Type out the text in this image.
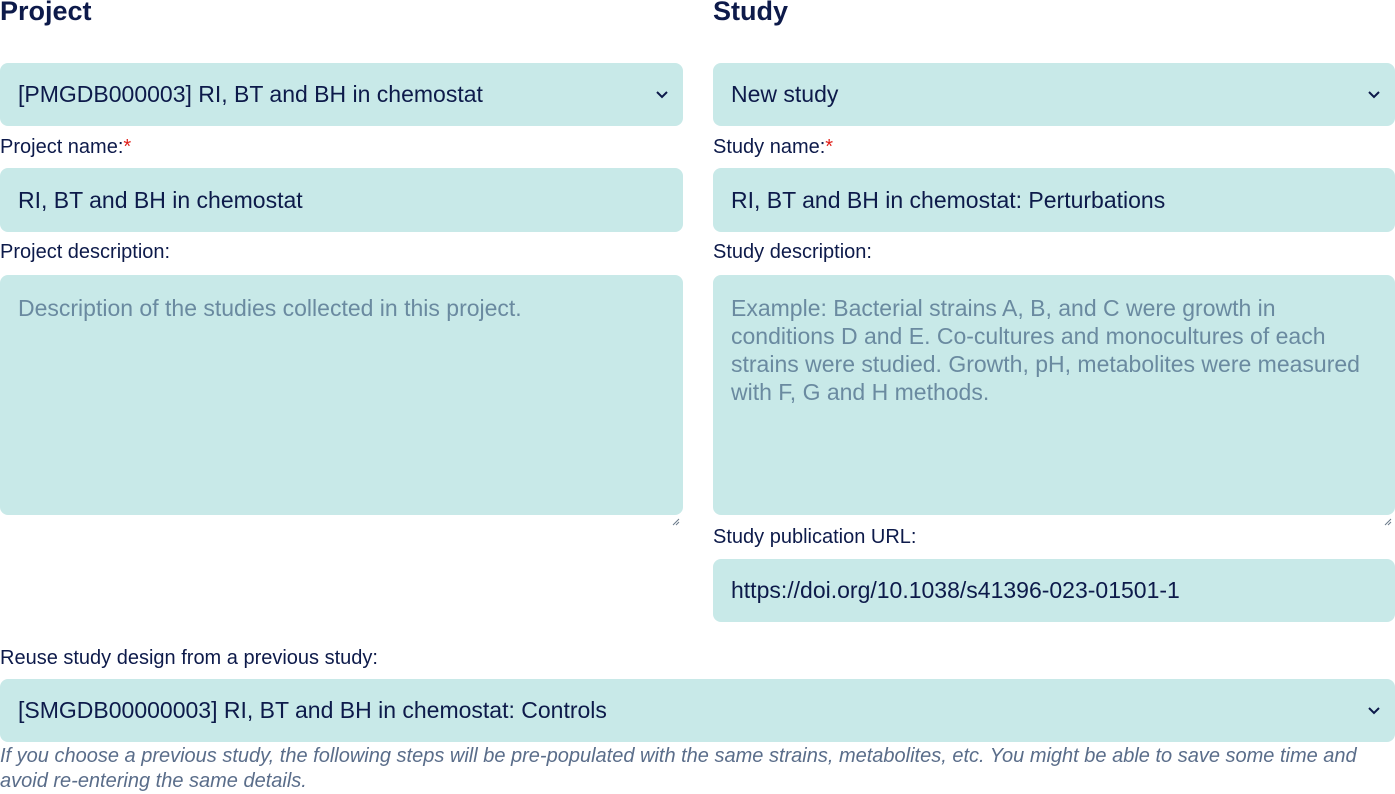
Project
[PMGDB000003] RI, BT and BH in chemostat
Project name:*
RI, BT and BH in chemostat
Project description:
Description of the studies collected in this project.
Study
New study
Study name:*
RI, BT and BH in chemostat: Perturbations
Study description:
Example: Bacterial strains A, B, and C were growth in conditions D and E. Co-cultures and monocultures of each strains were studied. Growth, pH, metabolites were measured with F, G and H methods.
Study publication URL:
https://doi.org/10.1038/s41396-023-01501-1
Reuse study design from a previous study:
[SMGDB00000003] RI, BT and BH in chemostat: Controls
If you choose a previous study, the following steps will be pre-populated with the same strains, metabolites, etc. You might be able to save some time and avoid re-entering the same details.
